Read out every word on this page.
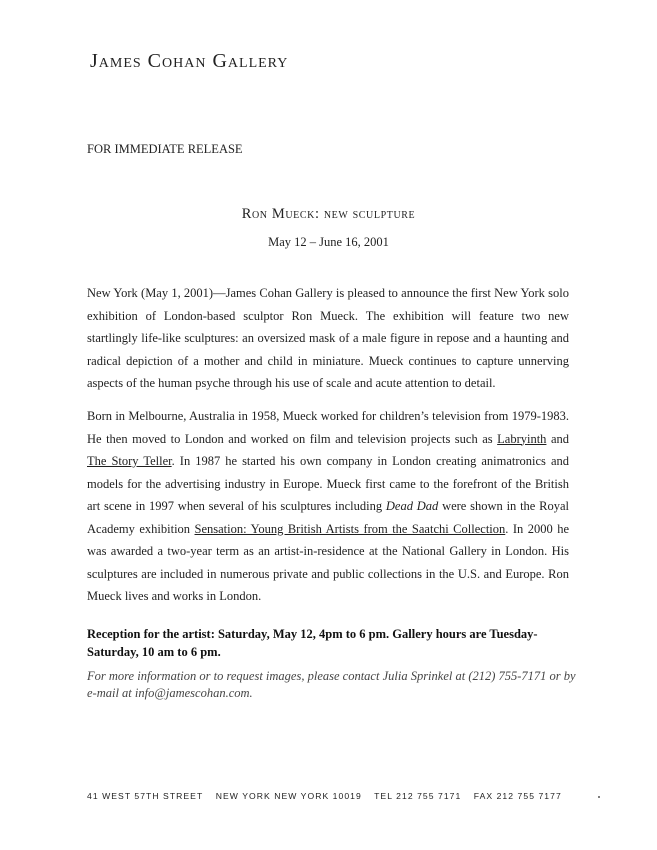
James Cohan Gallery
FOR IMMEDIATE RELEASE
Ron Mueck: new sculpture
May 12 – June 16, 2001

New York (May 1, 2001)—James Cohan Gallery is pleased to announce the first New York solo exhibition of London-based sculptor Ron Mueck. The exhibition will feature two new startlingly life-like sculptures: an oversized mask of a male figure in repose and a haunting and radical depiction of a mother and child in miniature. Mueck continues to capture unnerving aspects of the human psyche through his use of scale and acute attention to detail.

Born in Melbourne, Australia in 1958, Mueck worked for children’s television from 1979-1983. He then moved to London and worked on film and television projects such as Labryinth and The Story Teller. In 1987 he started his own company in London creating animatronics and models for the advertising industry in Europe. Mueck first came to the forefront of the British art scene in 1997 when several of his sculptures including Dead Dad were shown in the Royal Academy exhibition Sensation: Young British Artists from the Saatchi Collection. In 2000 he was awarded a two-year term as an artist-in-residence at the National Gallery in London. His sculptures are included in numerous private and public collections in the U.S. and Europe. Ron Mueck lives and works in London.

Reception for the artist: Saturday, May 12, 4pm to 6 pm. Gallery hours are Tuesday-Saturday, 10 am to 6 pm.

For more information or to request images, please contact Julia Sprinkel at (212) 755-7171 or by e-mail at info@jamescohan.com.

41 WEST 57TH STREET NEW YORK NEW YORK 10019 TEL 212 755 7171 FAX 212 755 7177
